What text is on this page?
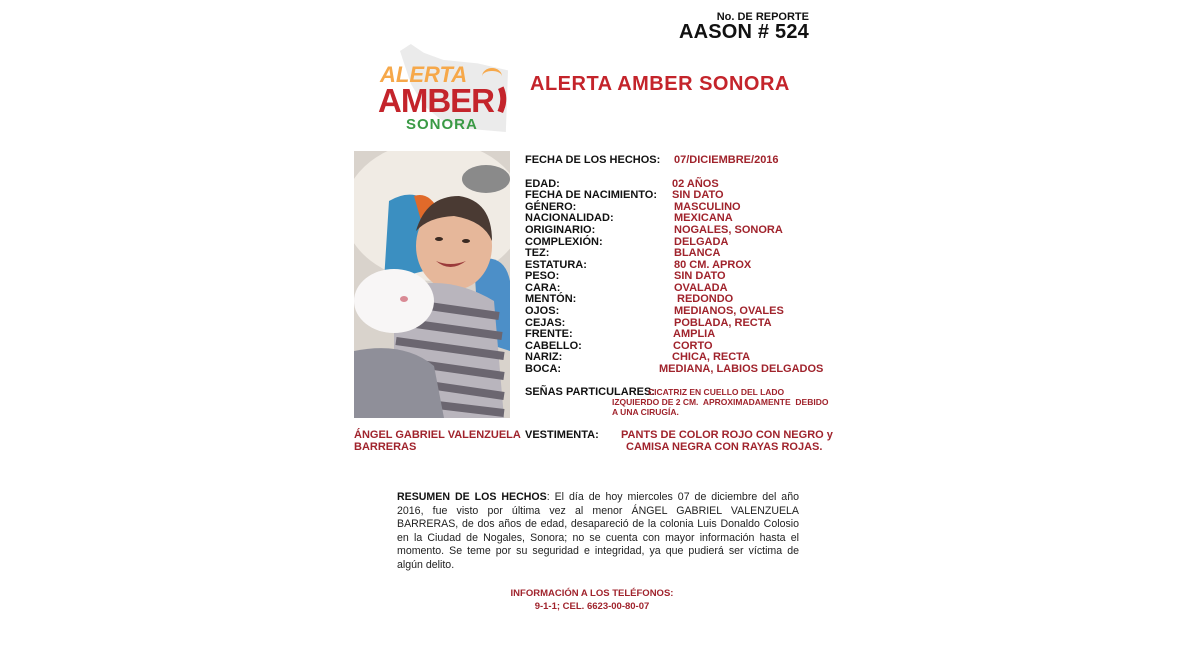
No. DE REPORTE
AASON # 524
ALERTA
AMBER
SONORA
ALERTA AMBER SONORA
ÁNGEL GABRIEL VALENZUELA BARRERAS
FECHA DE LOS HECHOS: 07/DICIEMBRE/2016
EDAD:	02 AÑOS
FECHA DE NACIMIENTO: SIN DATO
GÉNERO:	MASCULINO
NACIONALIDAD:	MEXICANA
ORIGINARIO:	NOGALES, SONORA
COMPLEXIÓN:	DELGADA
TEZ:	BLANCA
ESTATURA:	80 CM. APROX
PESO:	SIN DATO
CARA:	OVALADA
MENTÓN:	REDONDO
OJOS:	MEDIANOS, OVALES
CEJAS:	POBLADA, RECTA
FRENTE:	AMPLIA
CABELLO:	CORTO
NARIZ:	CHICA, RECTA
BOCA:	MEDIANA, LABIOS DELGADOS
SEÑAS PARTICULARES:
CICATRIZ EN CUELLO DEL LADO
IZQUIERDO DE 2 CM.  APROXIMADAMENTE  DEBIDO
A UNA CIRUGÍA.
VESTIMENTA: PANTS DE COLOR ROJO CON NEGRO y
CAMISA NEGRA CON RAYAS ROJAS.
RESUMEN DE LOS HECHOS: El día de hoy miercoles 07 de diciembre del año 2016, fue visto por última vez al menor ÁNGEL GABRIEL VALENZUELA BARRERAS, de dos años de edad, desapareció de la colonia Luis Donaldo Colosio en la Ciudad de Nogales, Sonora; no se cuenta con mayor información hasta el momento. Se teme por su seguridad e integridad, ya que pudierá ser víctima de algún delito.
INFORMACIÓN A LOS TELÉFONOS:
9-1-1; CEL. 6623-00-80-07
